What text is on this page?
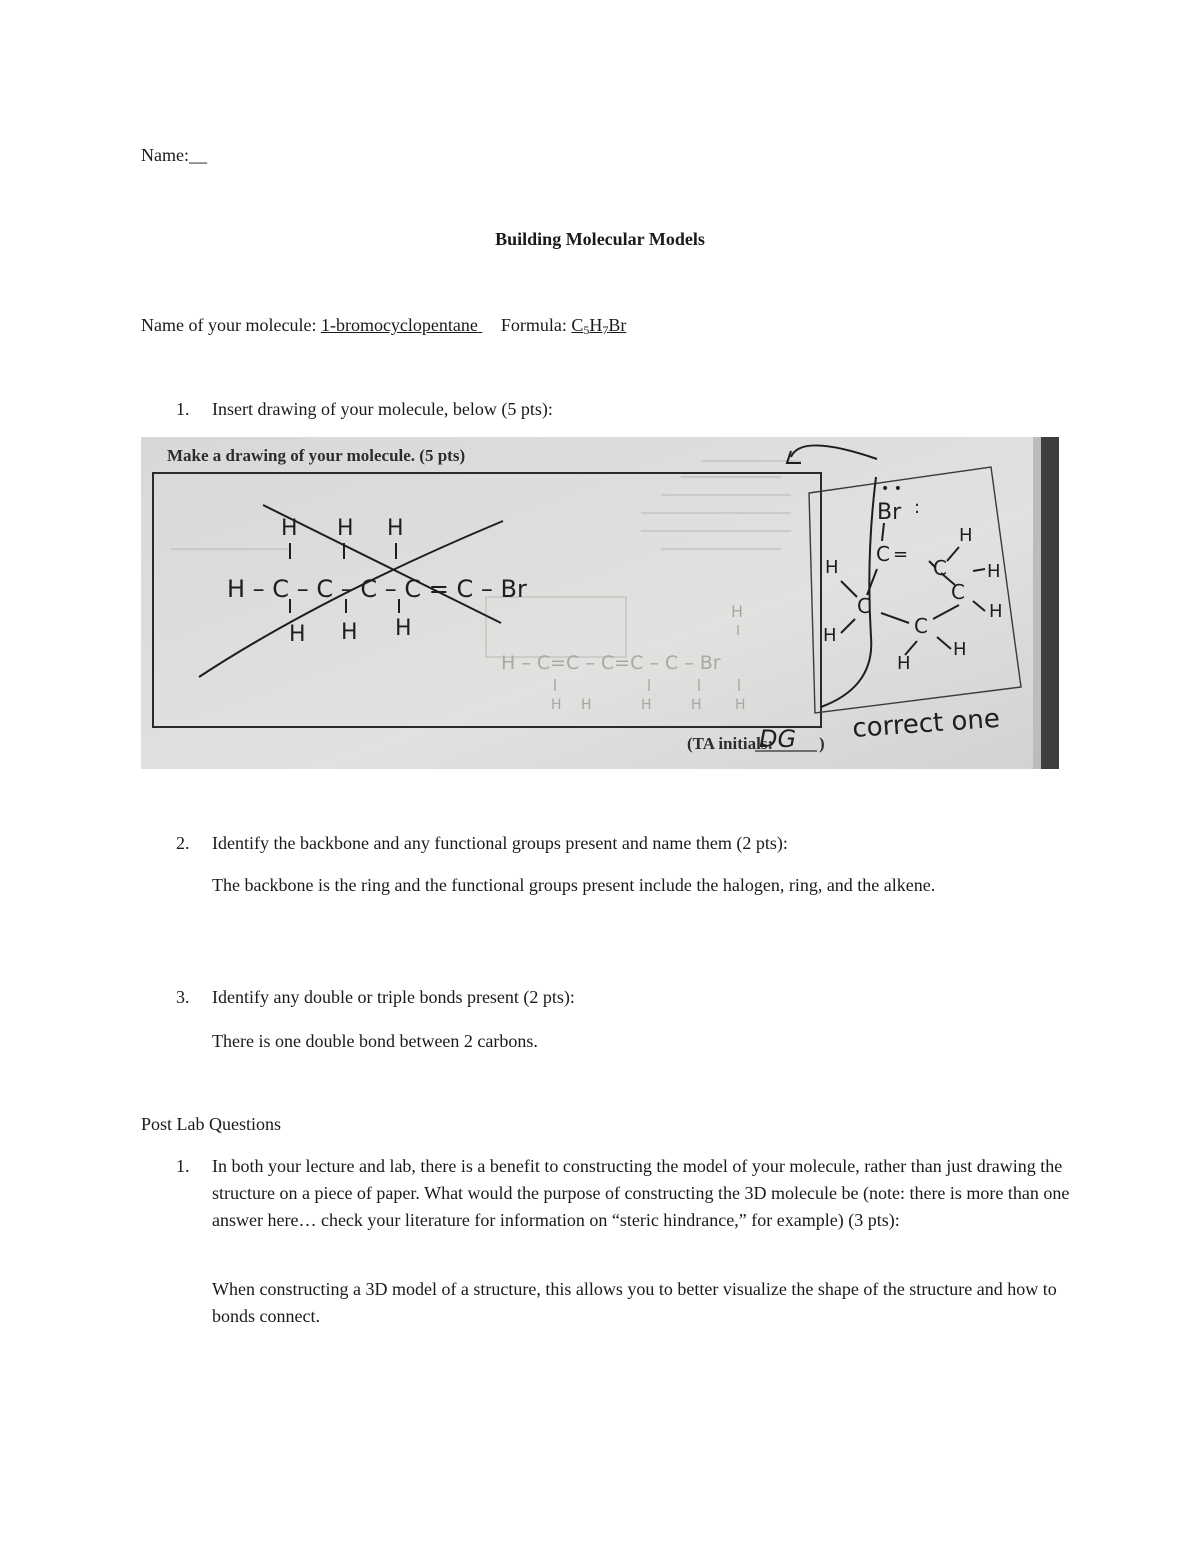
Name:__
Building Molecular Models
Name of your molecule: 1-bromocyclopentane Formula: $C_5H_7Br$
1. Insert drawing of your molecule, below (5 pts):
Make a drawing of your molecule. (5 pts)
H H H
H – C – C – C – C = C – Br
H H H
H
H – C=C – C=C – C – Br
H H	H	H H
(TA initials:
DG )
• •
Br :
C =
C
C
C
C
H
H
H
H
H
H
H
correct one
2. Identify the backbone and any functional groups present and name them (2 pts):
The backbone is the ring and the functional groups present include the halogen, ring, and the alkene.
3. Identify any double or triple bonds present (2 pts):
There is one double bond between 2 carbons.
Post Lab Questions
1. In both your lecture and lab, there is a benefit to constructing the model of your molecule, rather than just drawing the structure on a piece of paper. What would the purpose of constructing the 3D molecule be (note: there is more than one answer here… check your literature for information on “steric hindrance,” for example) (3 pts):
When constructing a 3D model of a structure, this allows you to better visualize the shape of the structure and how to bonds connect.
